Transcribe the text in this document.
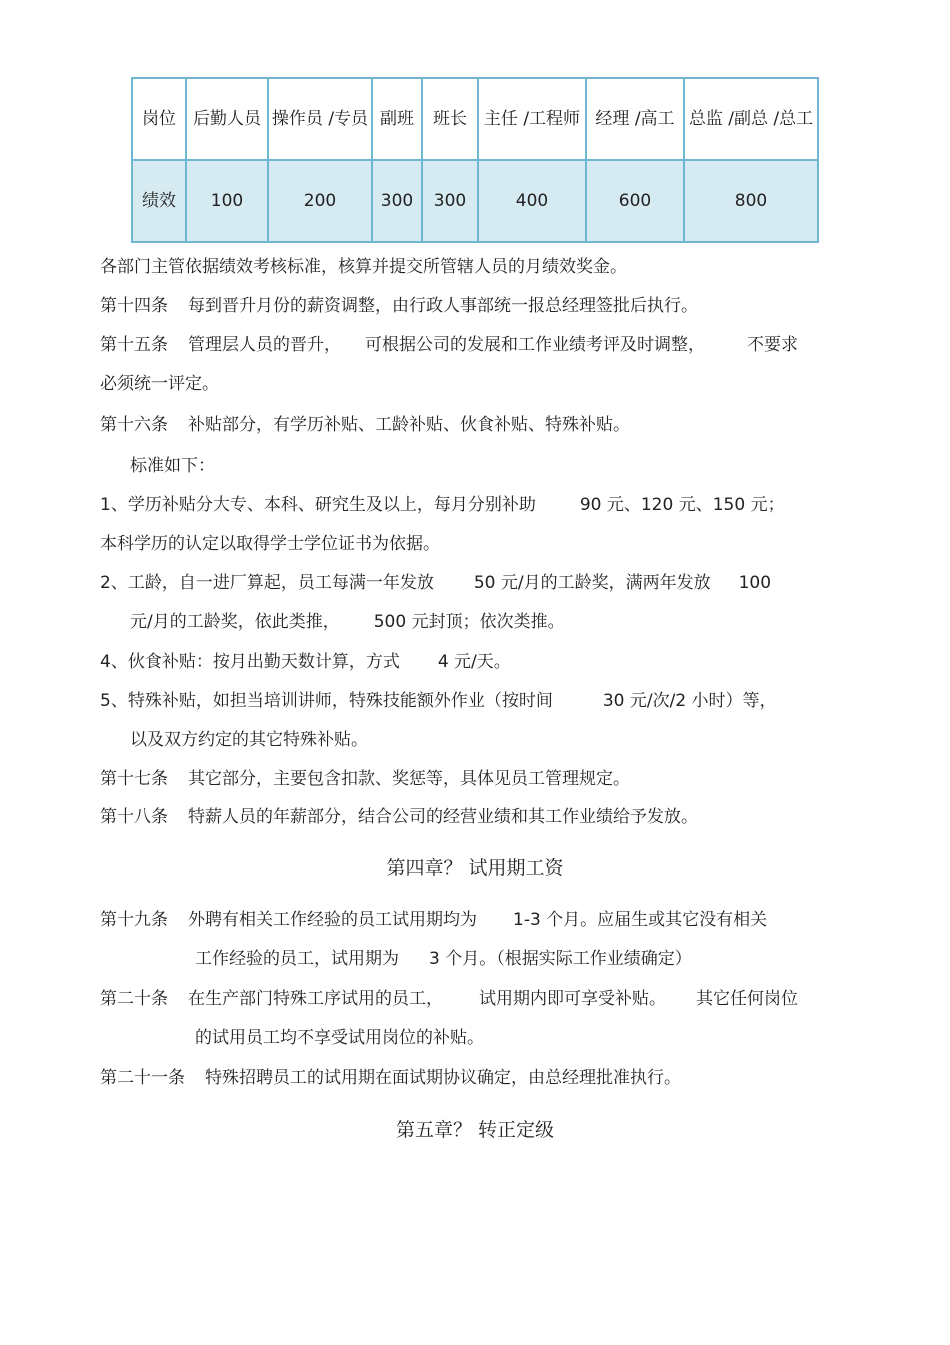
岗位	后勤人员	操作员 /专员	副班	班长	主任 /工程师	经理 /高工	总监 /副总 /总工
绩效	100	200	300	300	400	600	800
各部门主管依据绩效考核标准，核算并提交所管辖人员的月绩效奖金。
第十四条 每到晋升月份的薪资调整，由行政人事部统一报总经理签批后执行。
第十五条 管理层人员的晋升， 可根据公司的发展和工作业绩考评及时调整， 不要求
必须统一评定。
第十六条 补贴部分，有学历补贴、工龄补贴、伙食补贴、特殊补贴。
标准如下：
1、学历补贴分大专、本科、研究生及以上，每月分别补助	90 元、120 元、150 元；
本科学历的认定以取得学士学位证书为依据。
2、工龄，自一进厂算起，员工每满一年发放 50 元/月的工龄奖，满两年发放 100
元/月的工龄奖，依此类推， 500 元封顶；依次类推。
4、伙食补贴：按月出勤天数计算，方式 4 元/天。
5、特殊补贴，如担当培训讲师，特殊技能额外作业（按时间	30 元/次/2 小时）等，
以及双方约定的其它特殊补贴。
第十七条 其它部分，主要包含扣款、奖惩等，具体见员工管理规定。
第十八条 特薪人员的年薪部分，结合公司的经营业绩和其工作业绩给予发放。
第四章？ 试用期工资
第十九条 外聘有相关工作经验的员工试用期均为 1-3 个月。应届生或其它没有相关
工作经验的员工，试用期为 3 个月。（根据实际工作业绩确定）
第二十条 在生产部门特殊工序试用的员工， 试用期内即可享受补贴。 其它任何岗位
的试用员工均不享受试用岗位的补贴。
第二十一条 特殊招聘员工的试用期在面试期协议确定，由总经理批准执行。
第五章？ 转正定级
